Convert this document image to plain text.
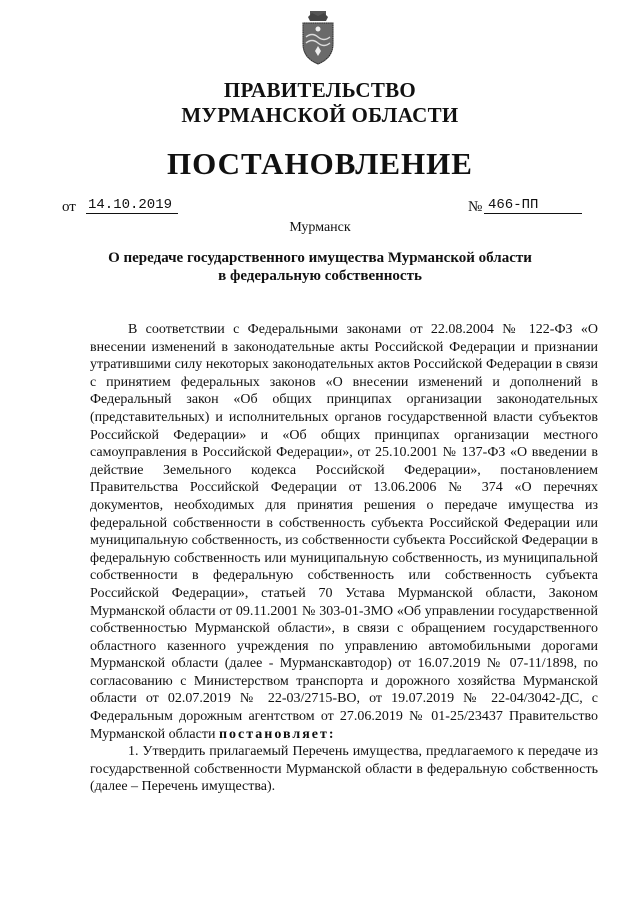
ПРАВИТЕЛЬСТВО
МУРМАНСКОЙ ОБЛАСТИ
ПОСТАНОВЛЕНИЕ
от 14.10.2019	№ 466-ПП
Мурманск
О передаче государственного имущества Мурманской области
в федеральную собственность

В соответствии с Федеральными законами от 22.08.2004 № 122-ФЗ «О внесении изменений в законодательные акты Российской Федерации и признании утратившими силу некоторых законодательных актов Российской Федерации в связи с принятием федеральных законов «О внесении изменений и дополнений в Федеральный закон «Об общих принципах организации законодательных (представительных) и исполнительных органов государственной власти субъектов Российской Федерации» и «Об общих принципах организации местного самоуправления в Российской Федерации», от 25.10.2001 № 137-ФЗ «О введении в действие Земельного кодекса Российской Федерации», постановлением Правительства Российской Федерации от 13.06.2006 № 374 «О перечнях документов, необходимых для принятия решения о передаче имущества из федеральной собственности в собственность субъекта Российской Федерации или муниципальную собственность, из собственности субъекта Российской Федерации в федеральную собственность или муниципальную собственность, из муниципальной собственности в федеральную собственность или собственность субъекта Российской Федерации», статьей 70 Устава Мурманской области, Законом Мурманской области от 09.11.2001 № 303-01-ЗМО «Об управлении государственной собственностью Мурманской области», в связи с обращением государственного областного казенного учреждения по управлению автомобильными дорогами Мурманской области (далее - Мурманскавтодор) от 16.07.2019 № 07-11/1898, по согласованию с Министерством транспорта и дорожного хозяйства Мурманской области от 02.07.2019 № 22-03/2715-ВО, от 19.07.2019 № 22-04/3042-ДС, с Федеральным дорожным агентством от 27.06.2019 № 01-25/23437 Правительство Мурманской области постановляет:

1. Утвердить прилагаемый Перечень имущества, предлагаемого к передаче из государственной собственности Мурманской области в федеральную собственность (далее – Перечень имущества).
